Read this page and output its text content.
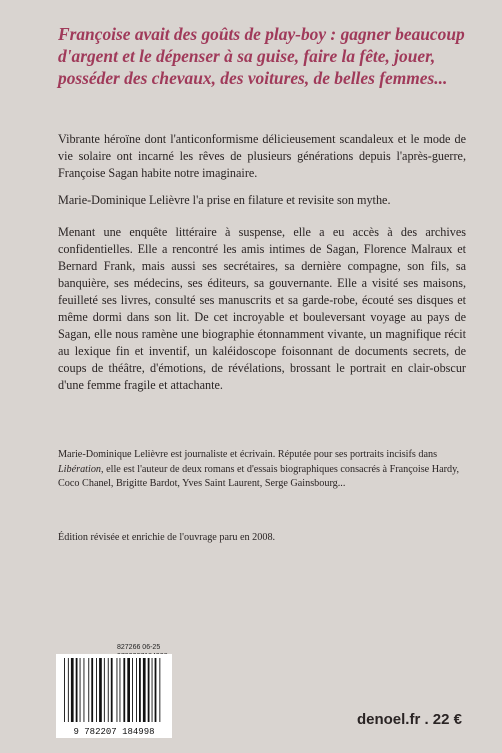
Françoise avait des goûts de play-boy : gagner beaucoup d'argent et le dépenser à sa guise, faire la fête, jouer, posséder des chevaux, des voitures, de belles femmes...

Vibrante héroïne dont l'anticonformisme délicieusement scandaleux et le mode de vie solaire ont incarné les rêves de plusieurs générations depuis l'après-guerre, Françoise Sagan habite notre imaginaire.

Marie-Dominique Lelièvre l'a prise en filature et revisite son mythe.

Menant une enquête littéraire à suspense, elle a eu accès à des archives confidentielles. Elle a rencontré les amis intimes de Sagan, Florence Malraux et Bernard Frank, mais aussi ses secrétaires, sa dernière compagne, son fils, sa banquière, ses médecins, ses éditeurs, sa gouvernante. Elle a visité ses maisons, feuilleté ses livres, consulté ses manuscrits et sa garde-robe, écouté ses disques et même dormi dans son lit. De cet incroyable et bouleversant voyage au pays de Sagan, elle nous ramène une biographie étonnamment vivante, un magnifique récit au lexique fin et inventif, un kaléidoscope foisonnant de documents secrets, de coups de théâtre, d'émotions, de révélations, brossant le portrait en clair-obscur d'une femme fragile et attachante.

Marie-Dominique Lelièvre est journaliste et écrivain. Réputée pour ses portraits incisifs dans Libération, elle est l'auteur de deux romans et d'essais biographiques consacrés à Françoise Hardy, Coco Chanel, Brigitte Bardot, Yves Saint Laurent, Serge Gainsbourg...

Édition révisée et enrichie de l'ouvrage paru en 2008.

827266 06-25
9 782207 184998
denoel.fr . 22 €
